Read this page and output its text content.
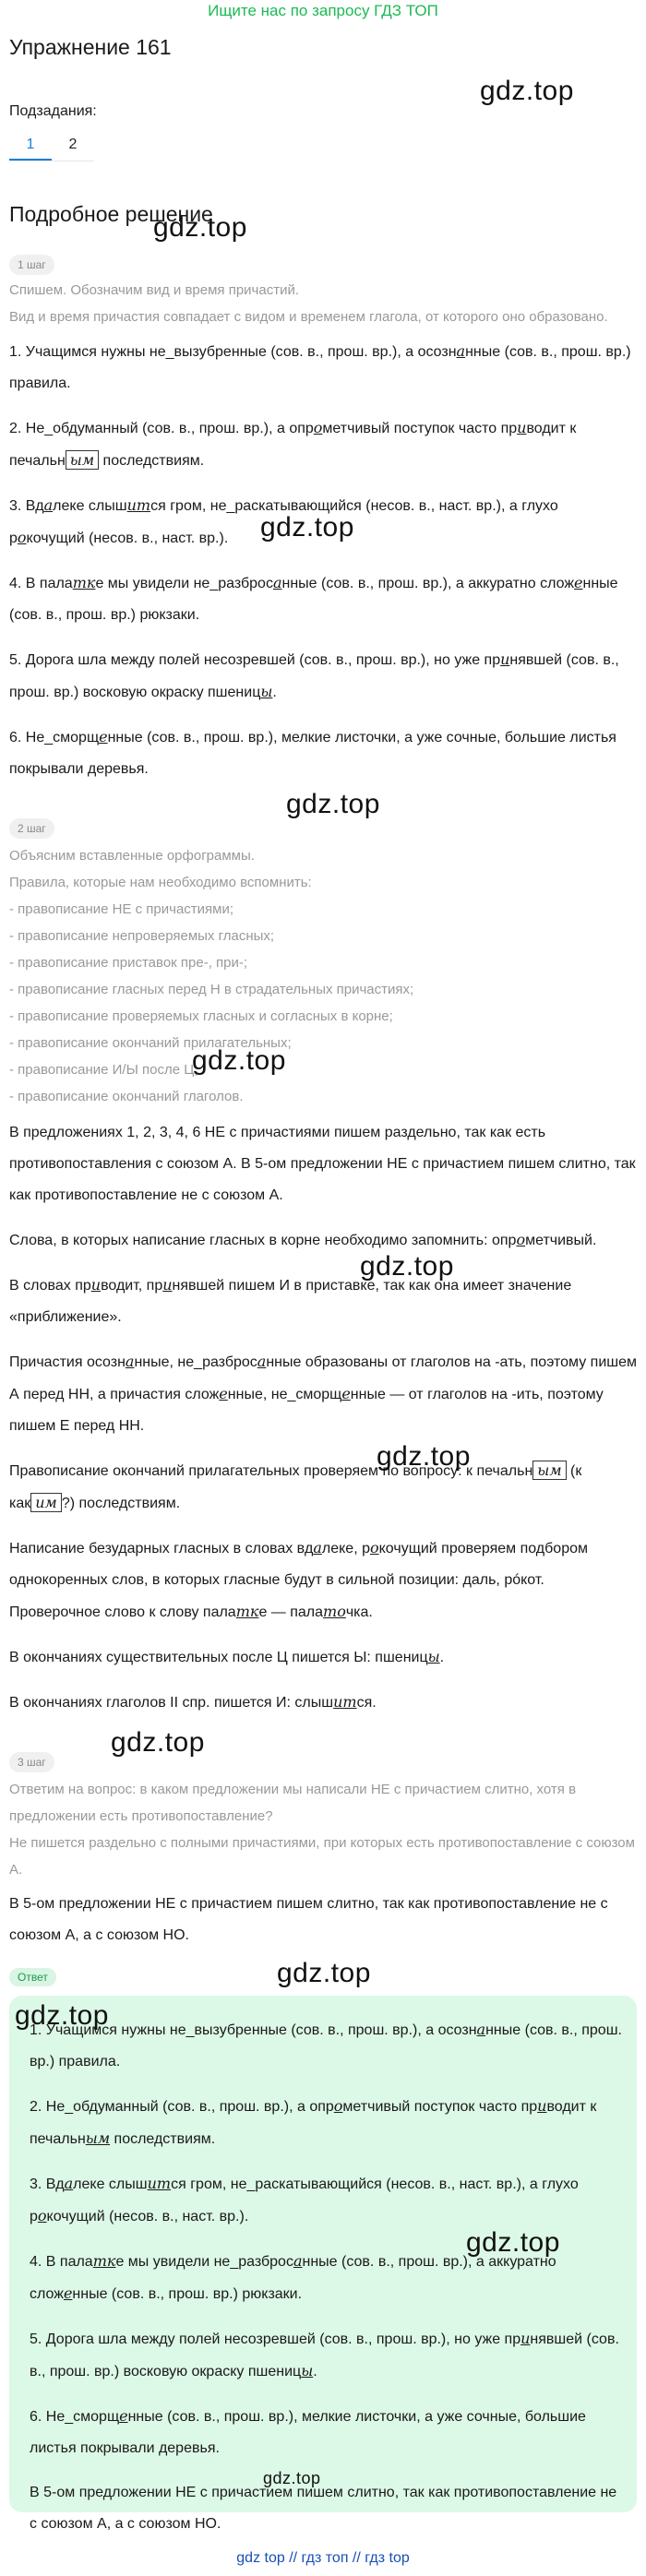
Ищите нас по запросу ГДЗ ТОП
Упражнение 161
Подзадания:
1	2
Подробное решение
1 шаг
Спишем. Обозначим вид и время причастий.
Вид и время причастия совпадает с видом и временем глагола, от которого оно образовано.
1. Учащимся нужны не_вызубренные (сов. в., прош. вр.), а осознанные (сов. в., прош. вр.) правила.
2. Не_обдуманный (сов. в., прош. вр.), а опрометчивый поступок часто приводит к печальн ым последствиям.
3. Вдалеке слышится гром, не_раскатывающийся (несов. в., наст. вр.), а глухо рокочущий (несов. в., наст. вр.).
4. В палатке мы увидели не_разбросанные (сов. в., прош. вр.), а аккуратно сложенные (сов. в., прош. вр.) рюкзаки.
5. Дорога шла между полей несозревшей (сов. в., прош. вр.), но уже принявшей (сов. в., прош. вр.) восковую окраску пшеницы.
6. Не_сморщенные (сов. в., прош. вр.), мелкие листочки, а уже сочные, большие листья покрывали деревья.
2 шаг
Объясним вставленные орфограммы.
Правила, которые нам необходимо вспомнить:
- правописание НЕ с причастиями;
- правописание непроверяемых гласных;
- правописание приставок пре-, при-;
- правописание гласных перед Н в страдательных причастиях;
- правописание проверяемых гласных и согласных в корне;
- правописание окончаний прилагательных;
- правописание И/Ы после Ц;
- правописание окончаний глаголов.
В предложениях 1, 2, 3, 4, 6 НЕ с причастиями пишем раздельно, так как есть противопоставления с союзом А. В 5-ом предложении НЕ с причастием пишем слитно, так как противопоставление не с союзом А.
Слова, в которых написание гласных в корне необходимо запомнить: опрометчивый.
В словах приводит, принявшей пишем И в приставке, так как она имеет значение «приближение».
Причастия осознанные, не_разбросанные образованы от глаголов на -ать, поэтому пишем А перед НН, а причастия сложенные, не_сморщенные — от глаголов на -ить, поэтому пишем Е перед НН.
Правописание окончаний прилагательных проверяем по вопросу: к печальн ым (к как им ?) последствиям.
Написание безударных гласных в словах вдалеке, рокочущий проверяем подбором однокоренных слов, в которых гласные будут в сильной позиции: даль, рóкот. Проверочное слово к слову палатке — палаточка.
В окончаниях существительных после Ц пишется Ы: пшеницы.
В окончаниях глаголов II спр. пишется И: слышится.
3 шаг
Ответим на вопрос: в каком предложении мы написали НЕ с причастием слитно, хотя в предложении есть противопоставление?
Не пишется раздельно с полными причастиями, при которых есть противопоставление с союзом А.
В 5-ом предложении НЕ с причастием пишем слитно, так как противопоставление не с союзом А, а с союзом НО.
Ответ
1. Учащимся нужны не_вызубренные (сов. в., прош. вр.), а осознанные (сов. в., прош. вр.) правила.
2. Не_обдуманный (сов. в., прош. вр.), а опрометчивый поступок часто приводит к печальным последствиям.
3. Вдалеке слышится гром, не_раскатывающийся (несов. в., наст. вр.), а глухо рокочущий (несов. в., наст. вр.).
4. В палатке мы увидели не_разбросанные (сов. в., прош. вр.), а аккуратно сложенные (сов. в., прош. вр.) рюкзаки.
5. Дорога шла между полей несозревшей (сов. в., прош. вр.), но уже принявшей (сов. в., прош. вр.) восковую окраску пшеницы.
6. Не_сморщенные (сов. в., прош. вр.), мелкие листочки, а уже сочные, большие листья покрывали деревья.
В 5-ом предложении НЕ с причастием пишем слитно, так как противопоставление не с союзом А, а с союзом НО.
gdz top // гдз топ // гдз top
gdz.top
gdz.top
gdz.top
gdz.top
gdz.top
gdz.top
gdz.top
gdz.top
gdz.top
gdz.top
gdz.top
gdz.top
